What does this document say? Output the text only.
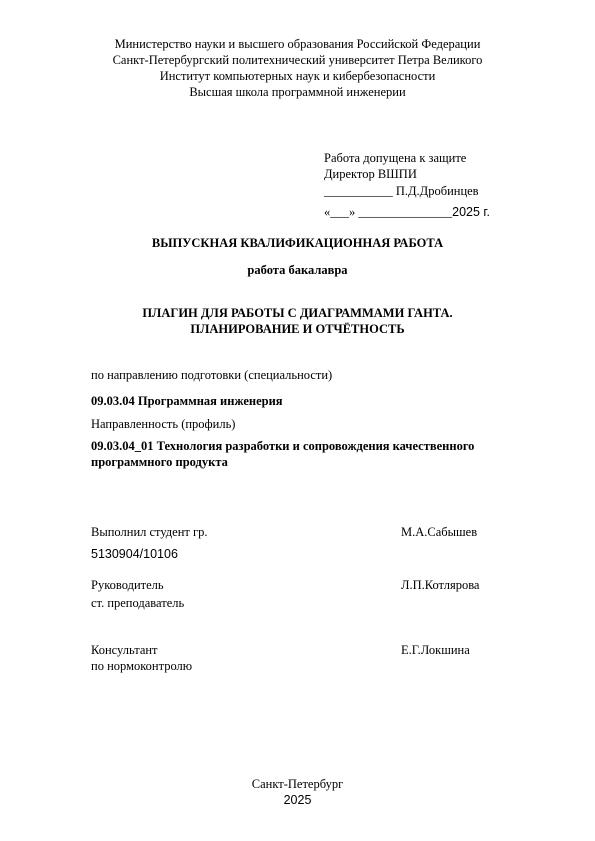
Министерство науки и высшего образования Российской Федерации
Санкт-Петербургский политехнический университет Петра Великого
Институт компьютерных наук и кибербезопасности
Высшая школа программной инженерии
Работа допущена к защите
Директор ВШПИ
___________ П.Д.Дробинцев
«___» _______________2025 г.
ВЫПУСКНАЯ КВАЛИФИКАЦИОННАЯ РАБОТА
работа бакалавра
ПЛАГИН ДЛЯ РАБОТЫ С ДИАГРАММАМИ ГАНТА.
ПЛАНИРОВАНИЕ И ОТЧЁТНОСТЬ
по направлению подготовки (специальности)
09.03.04 Программная инженерия
Направленность (профиль)
09.03.04_01 Технология разработки и сопровождения качественного
программного продукта
Выполнил студент гр.
5130904/10106
М.А.Сабышев
Руководитель
ст. преподаватель
Л.П.Котлярова
Консультант
по нормоконтролю
Е.Г.Локшина
Санкт-Петербург
2025
